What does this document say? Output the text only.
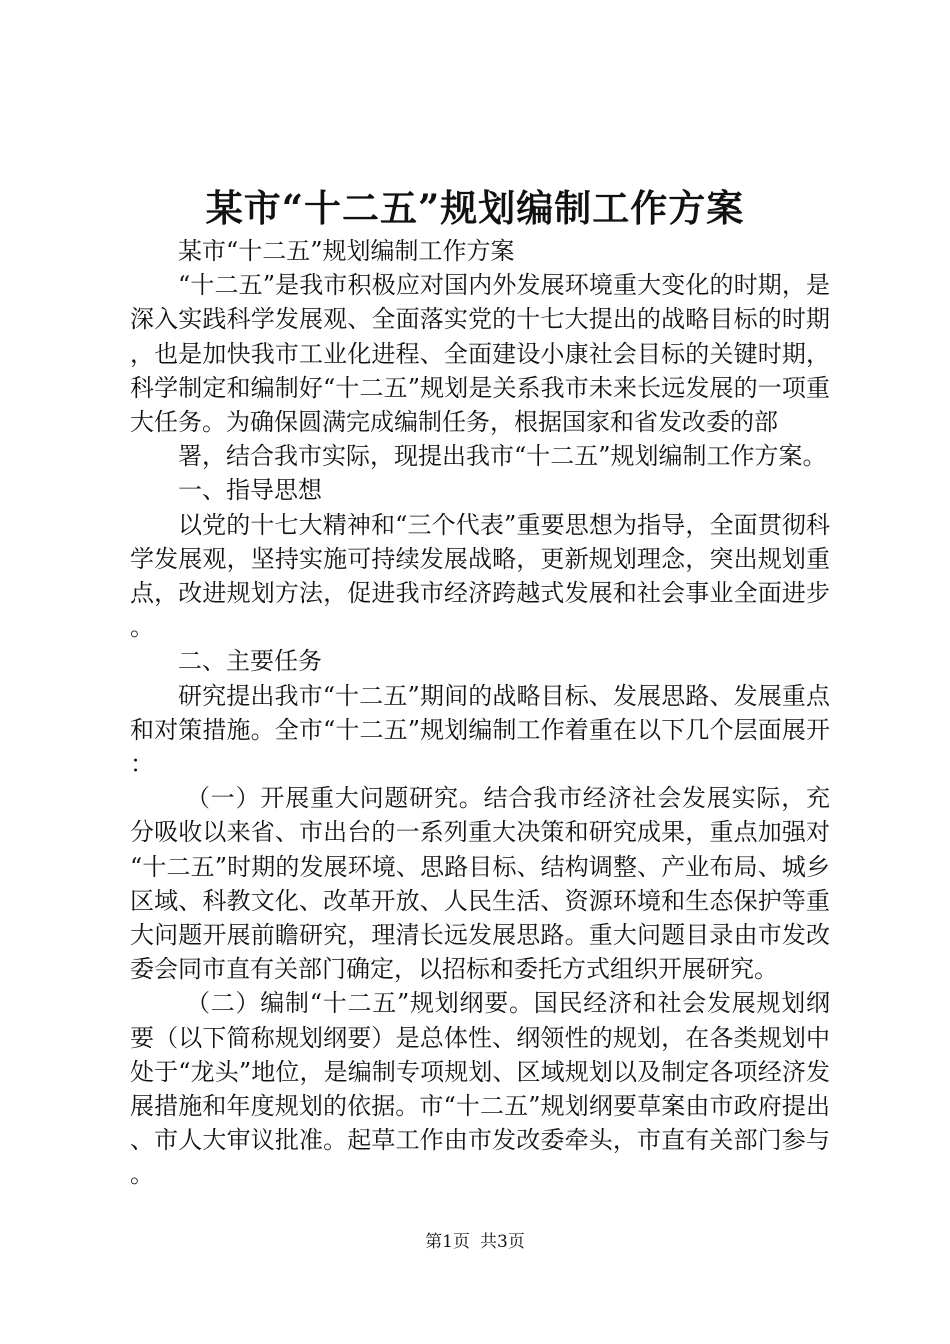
某市“十二五”规划编制工作方案

某市“十二五”规划编制工作方案

“十二五”是我市积极应对国内外发展环境重大变化的时期，是深入实践科学发展观、全面落实党的十七大提出的战略目标的时期，也是加快我市工业化进程、全面建设小康社会目标的关键时期，科学制定和编制好“十二五”规划是关系我市未来长远发展的一项重大任务。为确保圆满完成编制任务，根据国家和省发改委的部

署，结合我市实际，现提出我市“十二五”规划编制工作方案。

一、指导思想

以党的十七大精神和“三个代表”重要思想为指导，全面贯彻科学发展观，坚持实施可持续发展战略，更新规划理念，突出规划重点，改进规划方法，促进我市经济跨越式发展和社会事业全面进步。

二、主要任务

研究提出我市“十二五”期间的战略目标、发展思路、发展重点和对策措施。全市“十二五”规划编制工作着重在以下几个层面展开：

（一）开展重大问题研究。结合我市经济社会发展实际，充分吸收以来省、市出台的一系列重大决策和研究成果，重点加强对“十二五”时期的发展环境、思路目标、结构调整、产业布局、城乡区域、科教文化、改革开放、人民生活、资源环境和生态保护等重大问题开展前瞻研究，理清长远发展思路。重大问题目录由市发改委会同市直有关部门确定，以招标和委托方式组织开展研究。

（二）编制“十二五”规划纲要。国民经济和社会发展规划纲要（以下简称规划纲要）是总体性、纲领性的规划，在各类规划中处于“龙头”地位，是编制专项规划、区域规划以及制定各项经济发展措施和年度规划的依据。市“十二五”规划纲要草案由市政府提出、市人大审议批准。起草工作由市发改委牵头，市直有关部门参与。

第1页 共3页
